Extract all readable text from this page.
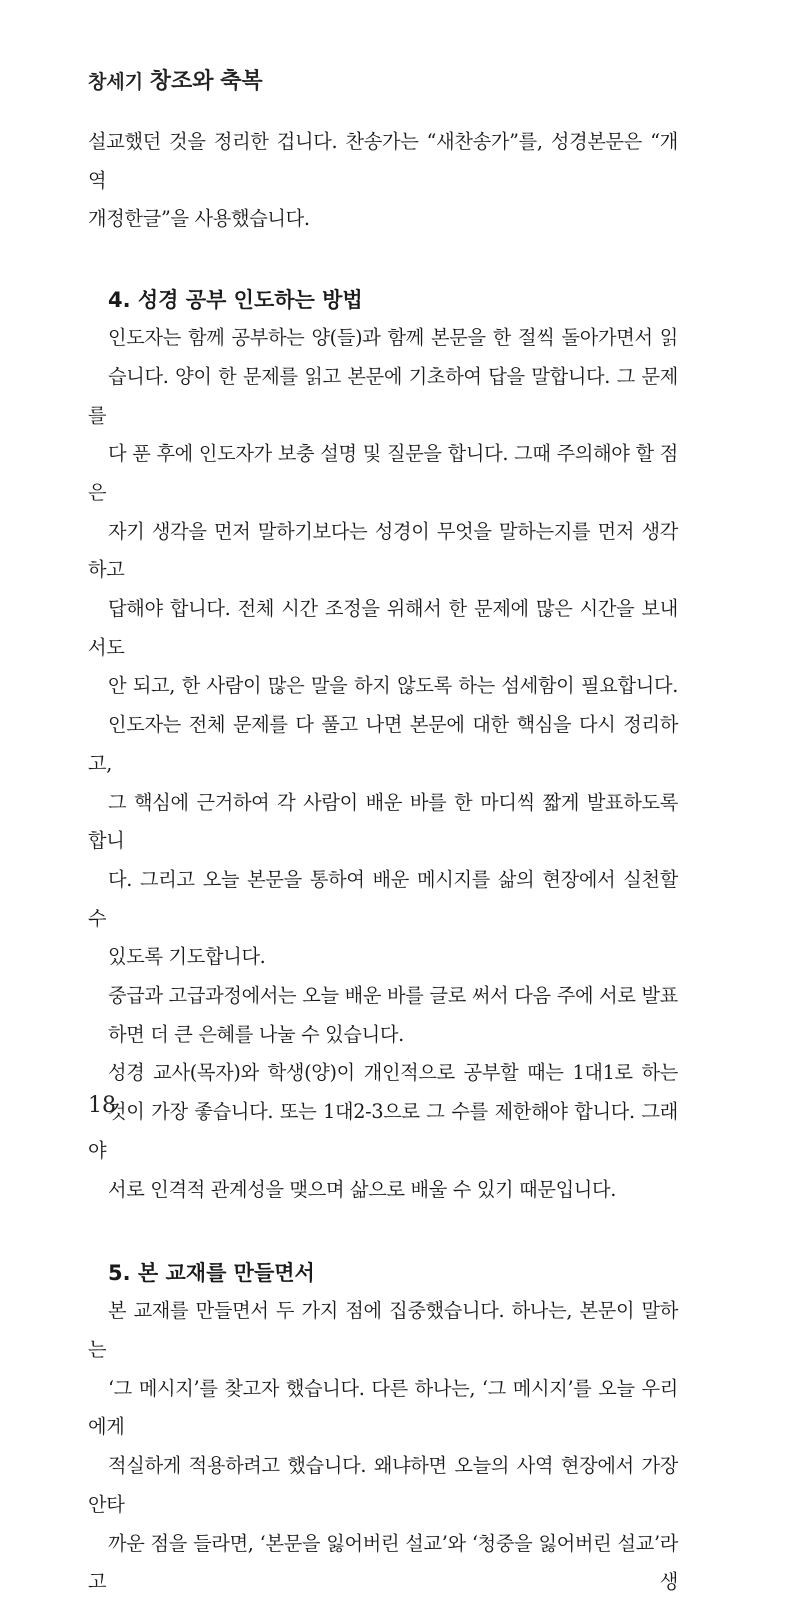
창세기 창조와 축복

설교했던 것을 정리한 겁니다. 찬송가는 “새찬송가”를, 성경본문은 “개역
개정한글”을 사용했습니다.

4. 성경 공부 인도하는 방법

인도자는 함께 공부하는 양(들)과 함께 본문을 한 절씩 돌아가면서 읽
습니다. 양이 한 문제를 읽고 본문에 기초하여 답을 말합니다. 그 문제를
다 푼 후에 인도자가 보충 설명 및 질문을 합니다. 그때 주의해야 할 점은
자기 생각을 먼저 말하기보다는 성경이 무엇을 말하는지를 먼저 생각하고
답해야 합니다. 전체 시간 조정을 위해서 한 문제에 많은 시간을 보내서도
안 되고, 한 사람이 많은 말을 하지 않도록 하는 섬세함이 필요합니다.

인도자는 전체 문제를 다 풀고 나면 본문에 대한 핵심을 다시 정리하고,
그 핵심에 근거하여 각 사람이 배운 바를 한 마디씩 짧게 발표하도록 합니
다. 그리고 오늘 본문을 통하여 배운 메시지를 삶의 현장에서 실천할 수
있도록 기도합니다.

중급과 고급과정에서는 오늘 배운 바를 글로 써서 다음 주에 서로 발표
하면 더 큰 은혜를 나눌 수 있습니다.

성경 교사(목자)와 학생(양)이 개인적으로 공부할 때는 1대1로 하는
것이 가장 좋습니다. 또는 1대2-3으로 그 수를 제한해야 합니다. 그래야
서로 인격적 관계성을 맺으며 삶으로 배울 수 있기 때문입니다.

5. 본 교재를 만들면서

본 교재를 만들면서 두 가지 점에 집중했습니다. 하나는, 본문이 말하는
‘그 메시지’를 찾고자 했습니다. 다른 하나는, ‘그 메시지’를 오늘 우리에게
적실하게 적용하려고 했습니다. 왜냐하면 오늘의 사역 현장에서 가장 안타
까운 점을 들라면, ‘본문을 잃어버린 설교’와 ‘청중을 잃어버린 설교’라고 생

18
